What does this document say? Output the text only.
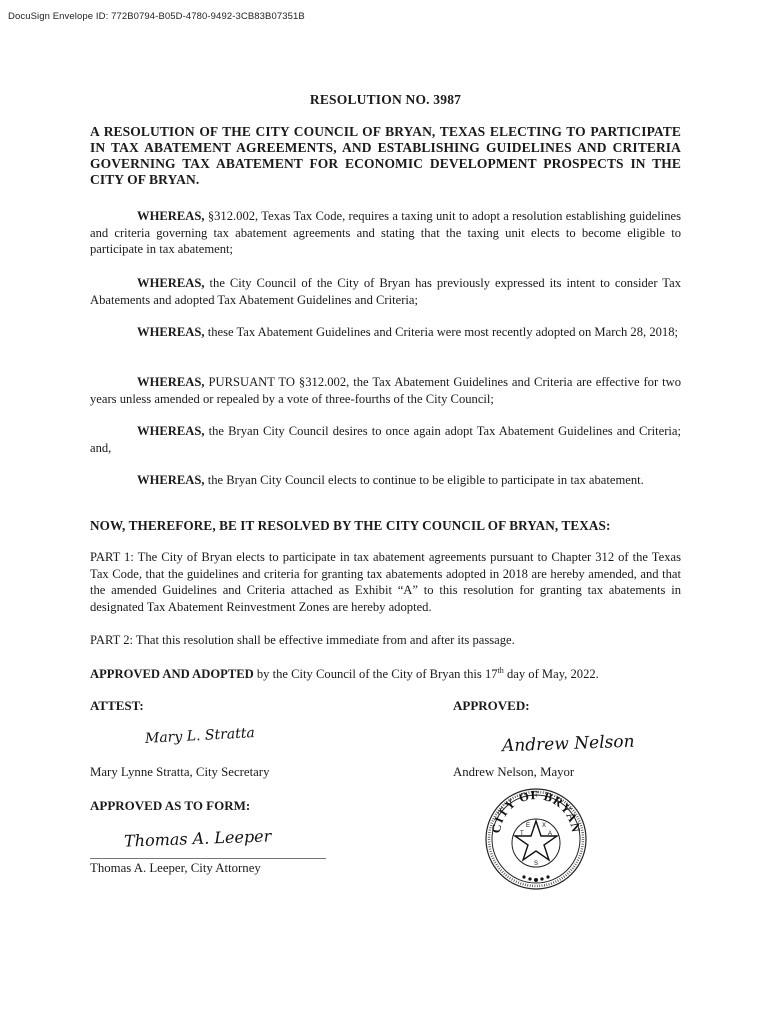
DocuSign Envelope ID: 772B0794-B05D-4780-9492-3CB83B07351B
RESOLUTION NO. 3987
A RESOLUTION OF THE CITY COUNCIL OF BRYAN, TEXAS ELECTING TO PARTICIPATE IN TAX ABATEMENT AGREEMENTS, AND ESTABLISHING GUIDELINES AND CRITERIA GOVERNING TAX ABATEMENT FOR ECONOMIC DEVELOPMENT PROSPECTS IN THE CITY OF BRYAN.
WHEREAS, §312.002, Texas Tax Code, requires a taxing unit to adopt a resolution establishing guidelines and criteria governing tax abatement agreements and stating that the taxing unit elects to become eligible to participate in tax abatement;
WHEREAS, the City Council of the City of Bryan has previously expressed its intent to consider Tax Abatements and adopted Tax Abatement Guidelines and Criteria;
WHEREAS, these Tax Abatement Guidelines and Criteria were most recently adopted on March 28, 2018;
WHEREAS, PURSUANT TO §312.002, the Tax Abatement Guidelines and Criteria are effective for two years unless amended or repealed by a vote of three-fourths of the City Council;
WHEREAS, the Bryan City Council desires to once again adopt Tax Abatement Guidelines and Criteria; and,
WHEREAS, the Bryan City Council elects to continue to be eligible to participate in tax abatement.
NOW, THEREFORE, BE IT RESOLVED BY THE CITY COUNCIL OF BRYAN, TEXAS:
PART 1: The City of Bryan elects to participate in tax abatement agreements pursuant to Chapter 312 of the Texas Tax Code, that the guidelines and criteria for granting tax abatements adopted in 2018 are hereby amended, and that the amended Guidelines and Criteria attached as Exhibit “A” to this resolution for granting tax abatements in designated Tax Abatement Reinvestment Zones are hereby adopted.
PART 2: That this resolution shall be effective immediate from and after its passage.
APPROVED AND ADOPTED by the City Council of the City of Bryan this 17th day of May, 2022.
ATTEST:	APPROVED:
Mary L. Stratta	Andrew Nelson
Mary Lynne Stratta, City Secretary	Andrew Nelson, Mayor
APPROVED AS TO FORM:
Thomas A. Leeper
Thomas A. Leeper, City Attorney
CITY OF BRYAN
T
E X
A
S
